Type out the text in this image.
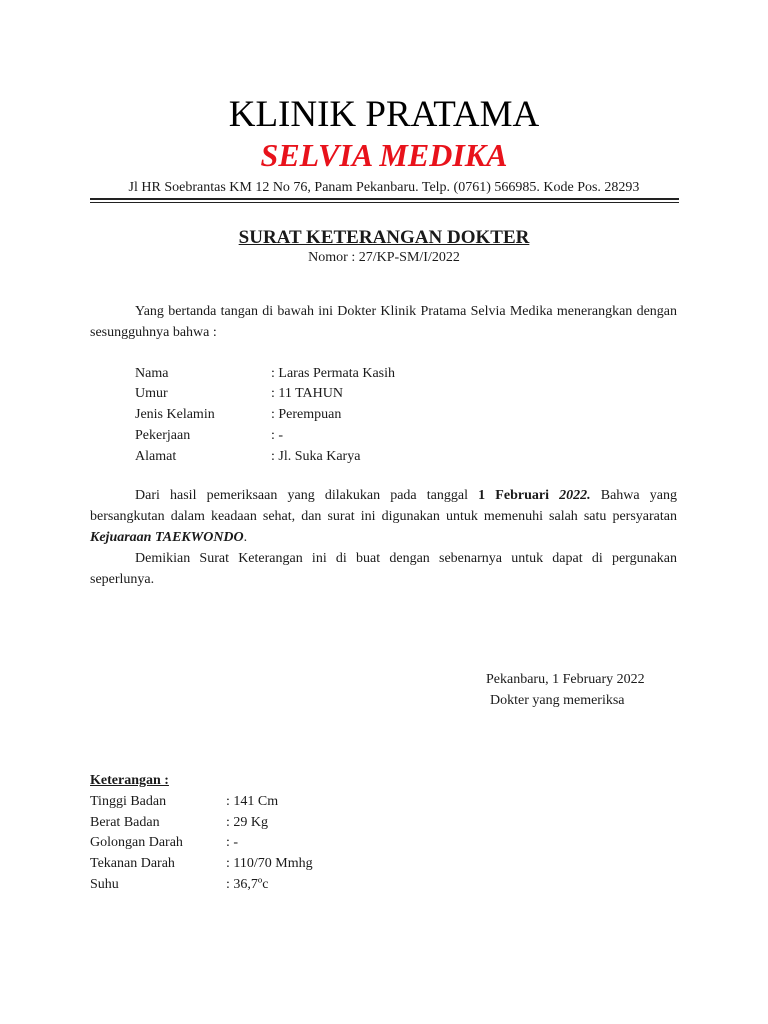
KLINIK PRATAMA
SELVIA MEDIKA
Jl HR Soebrantas KM 12 No 76, Panam Pekanbaru. Telp. (0761) 566985. Kode Pos. 28293
SURAT KETERANGAN DOKTER
Nomor : 27/KP-SM/I/2022
Yang bertanda tangan di bawah ini Dokter Klinik Pratama Selvia Medika menerangkan dengan sesungguhnya bahwa :
Nama	: Laras Permata Kasih
Umur	: 11 TAHUN
Jenis Kelamin	: Perempuan
Pekerjaan	: -
Alamat	: Jl. Suka Karya
Dari hasil pemeriksaan yang dilakukan pada tanggal 1 Februari 2022. Bahwa yang bersangkutan dalam keadaan sehat, dan surat ini digunakan untuk memenuhi salah satu persyaratan Kejuaraan TAEKWONDO.
Demikian Surat Keterangan ini di buat dengan sebenarnya untuk dapat di pergunakan seperlunya.
Pekanbaru, 1 February 2022
Dokter yang memeriksa
Keterangan :
Tinggi Badan	: 141 Cm
Berat Badan	: 29 Kg
Golongan Darah	: -
Tekanan Darah	: 110/70 Mmhg
Suhu	: 36,7ºc
